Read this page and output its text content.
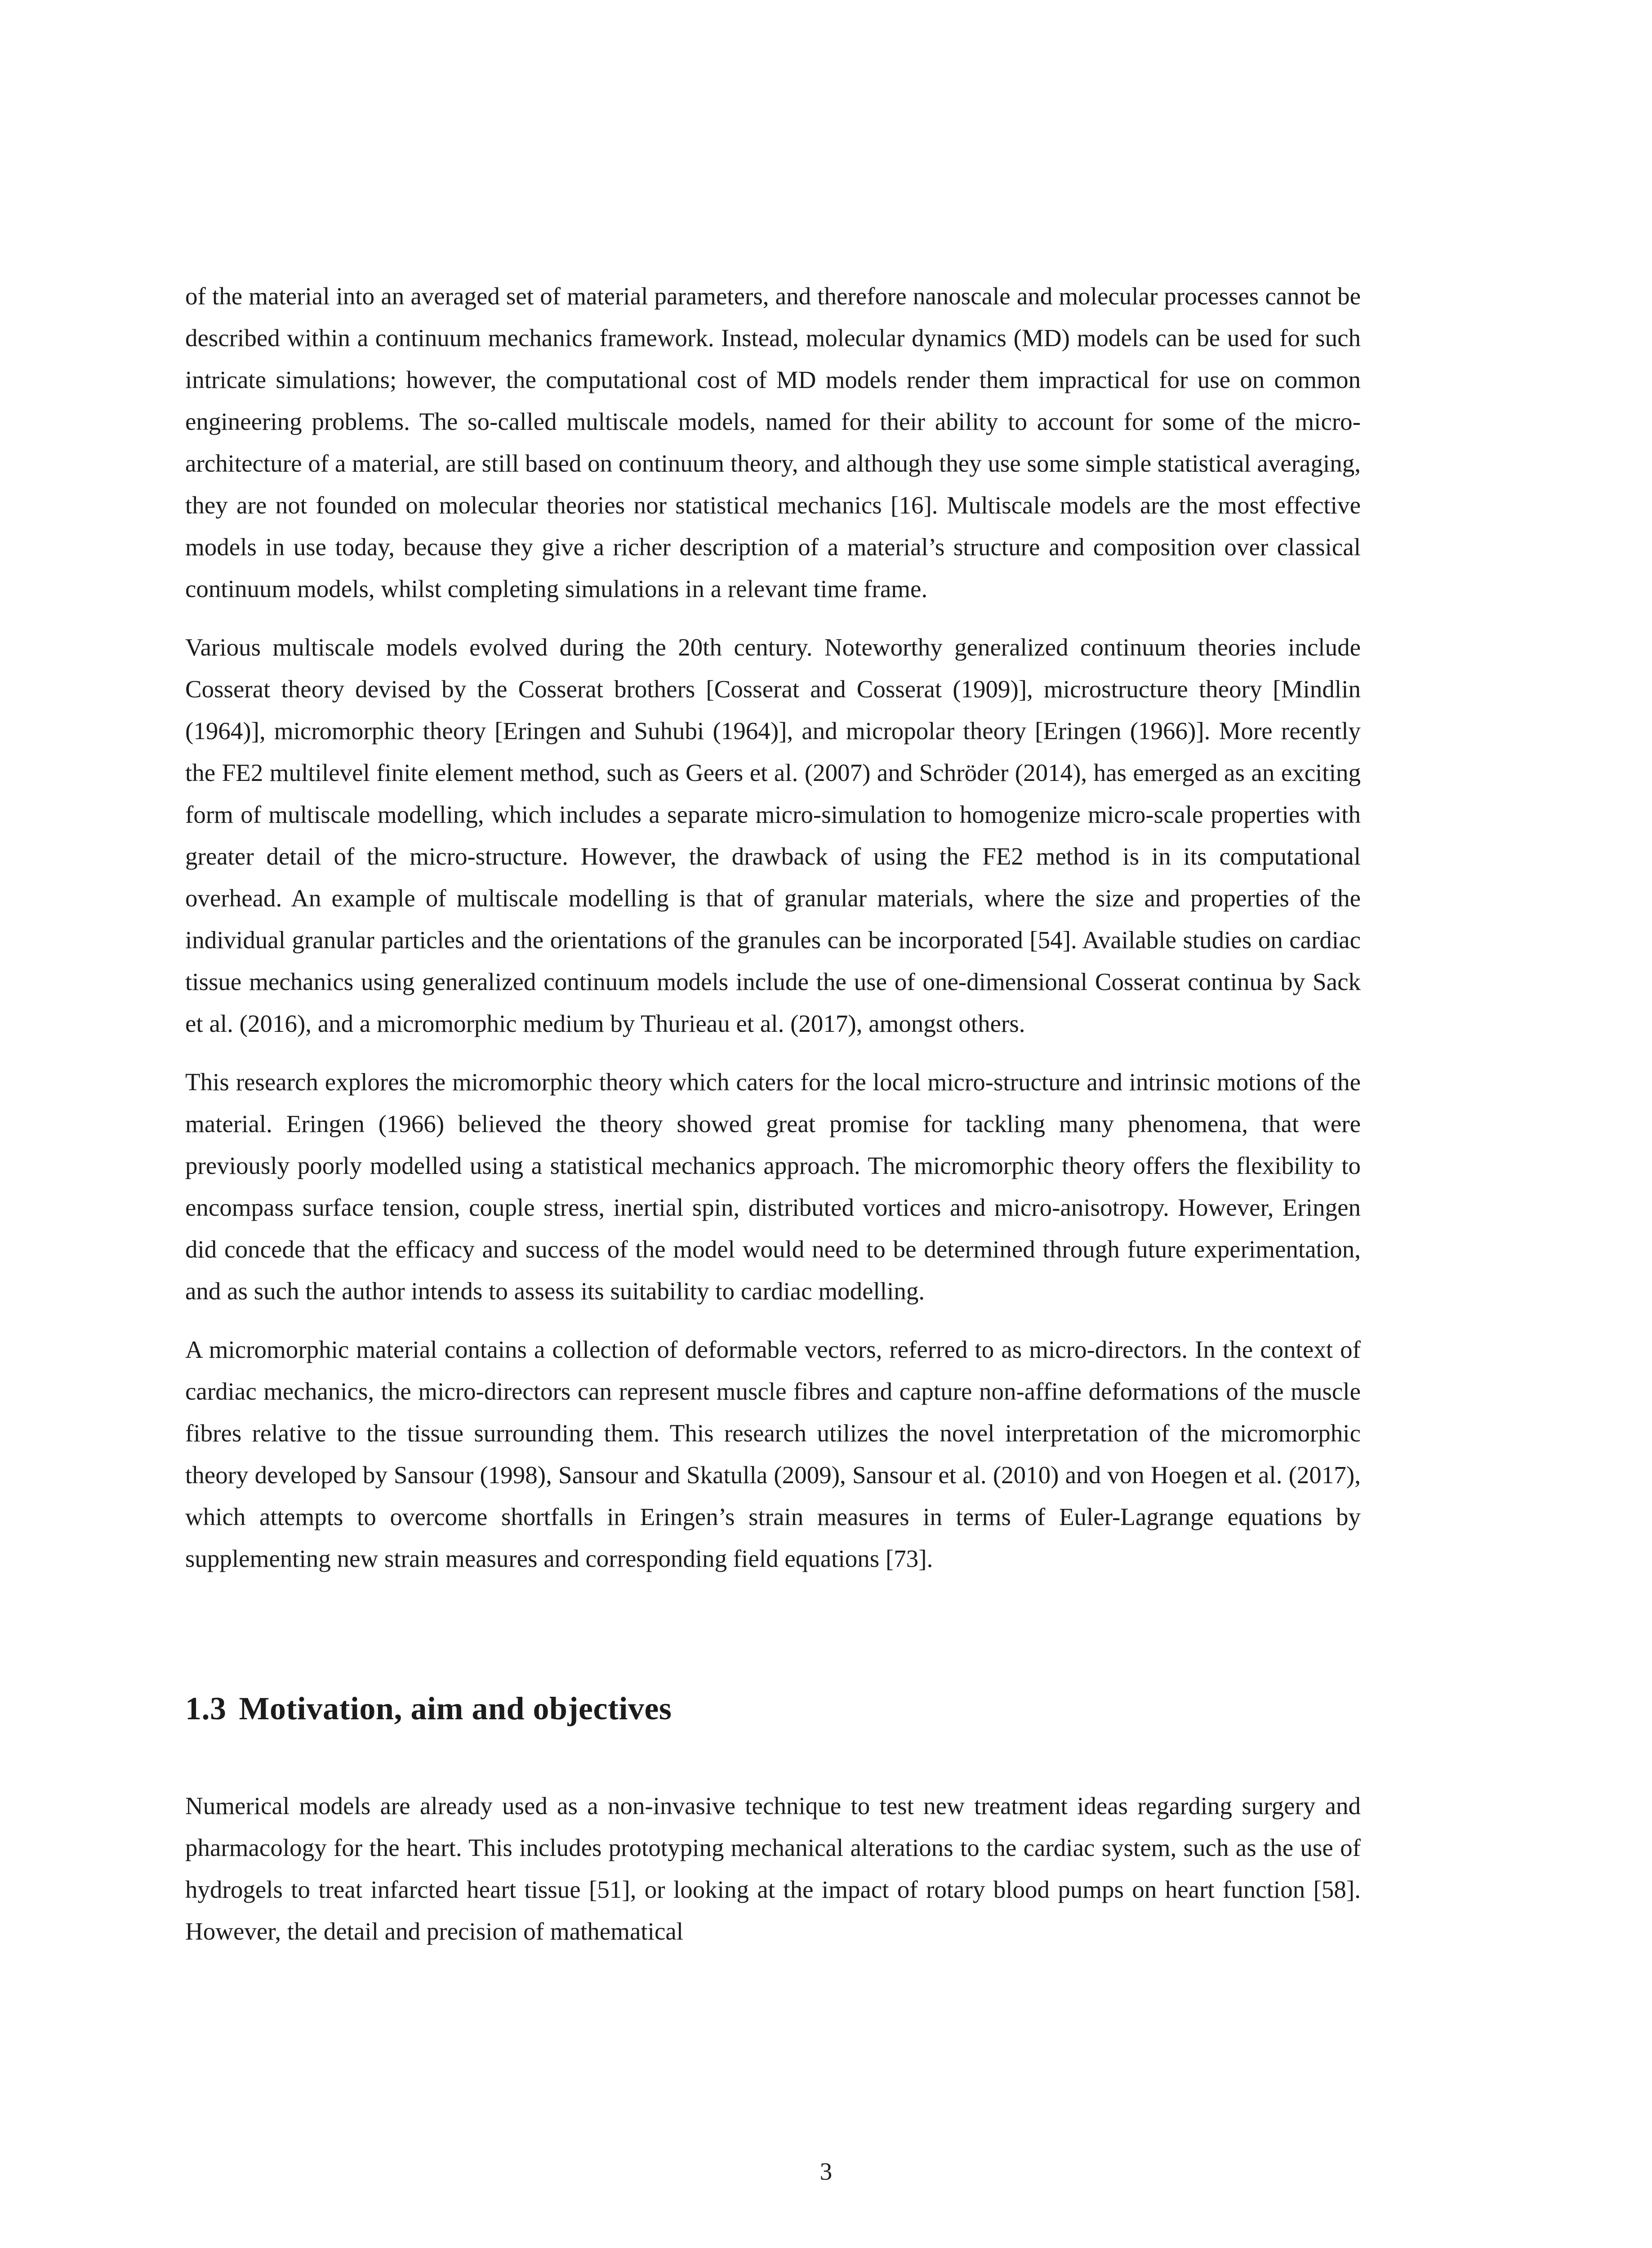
of the material into an averaged set of material parameters, and therefore nanoscale and molecular processes cannot be described within a continuum mechanics framework. Instead, molecular dynamics (MD) models can be used for such intricate simulations; however, the computational cost of MD models render them impractical for use on common engineering problems. The so-called multiscale models, named for their ability to account for some of the micro-architecture of a material, are still based on continuum theory, and although they use some simple statistical averaging, they are not founded on molecular theories nor statistical mechanics [16]. Multiscale models are the most effective models in use today, because they give a richer description of a material’s structure and composition over classical continuum models, whilst completing simulations in a relevant time frame.

Various multiscale models evolved during the 20th century. Noteworthy generalized continuum theories include Cosserat theory devised by the Cosserat brothers [Cosserat and Cosserat (1909)], microstructure theory [Mindlin (1964)], micromorphic theory [Eringen and Suhubi (1964)], and micropolar theory [Eringen (1966)]. More recently the FE2 multilevel finite element method, such as Geers et al. (2007) and Schröder (2014), has emerged as an exciting form of multiscale modelling, which includes a separate micro-simulation to homogenize micro-scale properties with greater detail of the micro-structure. However, the drawback of using the FE2 method is in its computational overhead. An example of multiscale modelling is that of granular materials, where the size and properties of the individual granular particles and the orientations of the granules can be incorporated [54]. Available studies on cardiac tissue mechanics using generalized continuum models include the use of one-dimensional Cosserat continua by Sack et al. (2016), and a micromorphic medium by Thurieau et al. (2017), amongst others.

This research explores the micromorphic theory which caters for the local micro-structure and intrinsic motions of the material. Eringen (1966) believed the theory showed great promise for tackling many phenomena, that were previously poorly modelled using a statistical mechanics approach. The micromorphic theory offers the flexibility to encompass surface tension, couple stress, inertial spin, distributed vortices and micro-anisotropy. However, Eringen did concede that the efficacy and success of the model would need to be determined through future experimentation, and as such the author intends to assess its suitability to cardiac modelling.

A micromorphic material contains a collection of deformable vectors, referred to as micro-directors. In the context of cardiac mechanics, the micro-directors can represent muscle fibres and capture non-affine deformations of the muscle fibres relative to the tissue surrounding them. This research utilizes the novel interpretation of the micromorphic theory developed by Sansour (1998), Sansour and Skatulla (2009), Sansour et al. (2010) and von Hoegen et al. (2017), which attempts to overcome shortfalls in Eringen’s strain measures in terms of Euler-Lagrange equations by supplementing new strain measures and corresponding field equations [73].

1.3 Motivation, aim and objectives

Numerical models are already used as a non-invasive technique to test new treatment ideas regarding surgery and pharmacology for the heart. This includes prototyping mechanical alterations to the cardiac system, such as the use of hydrogels to treat infarcted heart tissue [51], or looking at the impact of rotary blood pumps on heart function [58]. However, the detail and precision of mathematical

3
